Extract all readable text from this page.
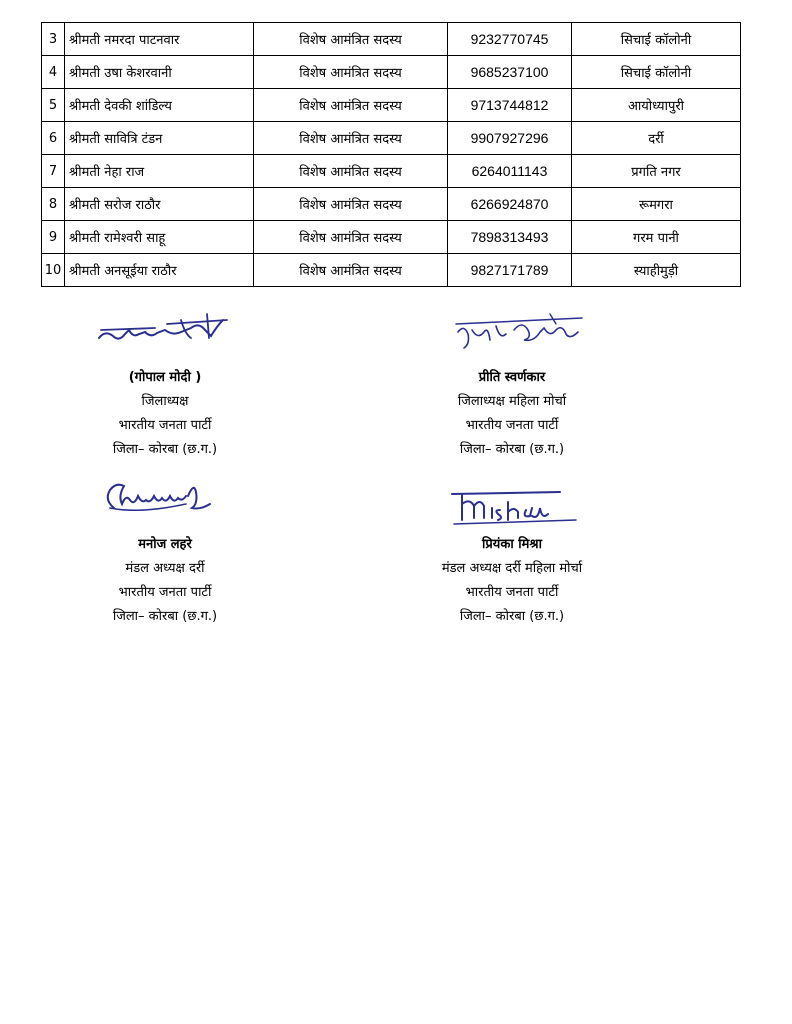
3	श्रीमती नमरदा पाटनवार	विशेष आमंत्रित सदस्य	9232770745	सिचाई कॉलोनी
4	श्रीमती उषा केशरवानी	विशेष आमंत्रित सदस्य	9685237100	सिचाई कॉलोनी
5	श्रीमती देवकी शांडिल्य	विशेष आमंत्रित सदस्य	9713744812	आयोध्यापुरी
6	श्रीमती सावित्रि टंडन	विशेष आमंत्रित सदस्य	9907927296	दर्री
7	श्रीमती नेहा राज	विशेष आमंत्रित सदस्य	6264011143	प्रगति नगर
8	श्रीमती सरोज राठौर	विशेष आमंत्रित सदस्य	6266924870	रूमगरा
9	श्रीमती रामेश्वरी साहू	विशेष आमंत्रित सदस्य	7898313493	गरम पानी
10	श्रीमती अनसूईया राठौर	विशेष आमंत्रित सदस्य	9827171789	स्याहीमुड़ी
(गोपाल मोदी )
जिलाध्यक्ष
भारतीय जनता पार्टी
जिला– कोरबा (छ.ग.)
प्रीति स्वर्णकार
जिलाध्यक्ष महिला मोर्चा
भारतीय जनता पार्टी
जिला– कोरबा (छ.ग.)
मनोज लहरे
मंडल अध्यक्ष दर्री
भारतीय जनता पार्टी
जिला– कोरबा (छ.ग.)
प्रियंका मिश्रा
मंडल अध्यक्ष दर्री महिला मोर्चा
भारतीय जनता पार्टी
जिला– कोरबा (छ.ग.)
